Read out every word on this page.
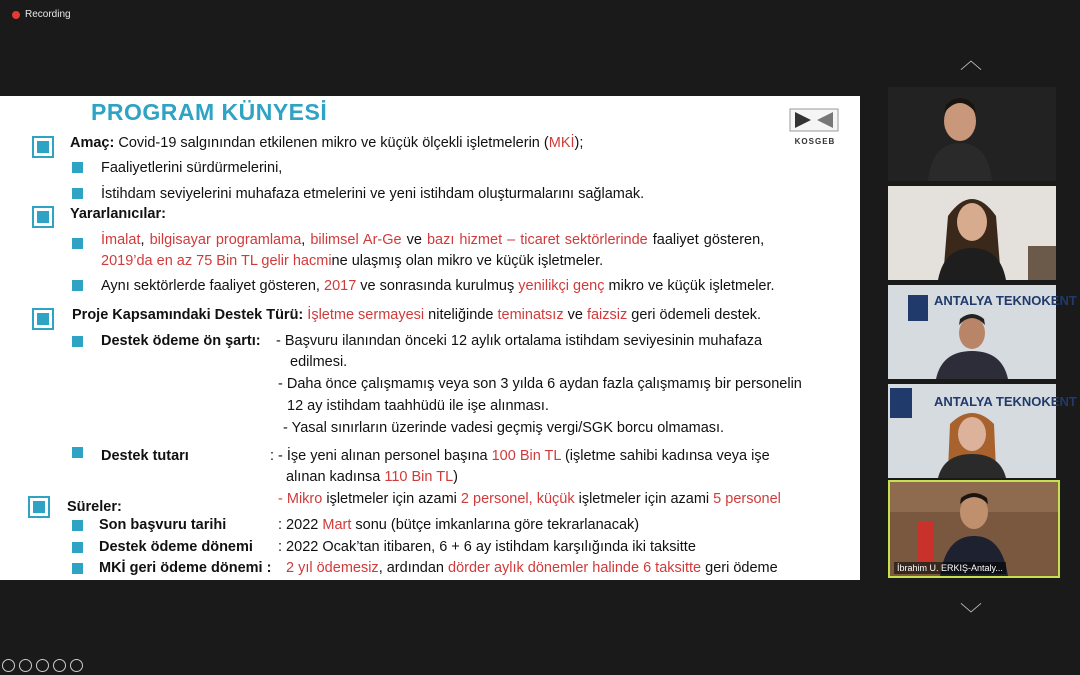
Recording
PROGRAM KÜNYESİ
KOSGEB
Amaç: Covid-19 salgınından etkilenen mikro ve küçük ölçekli işletmelerin (MKİ);
Faaliyetlerini sürdürmelerini,
İstihdam seviyelerini muhafaza etmelerini ve yeni istihdam oluşturmalarını sağlamak.
Yararlanıcılar:
İmalat, bilgisayar programlama, bilimsel Ar-Ge ve bazı hizmet – ticaret sektörlerinde faaliyet gösteren,
2019’da en az 75 Bin TL gelir hacmine ulaşmış olan mikro ve küçük işletmeler.
Aynı sektörlerde faaliyet gösteren, 2017 ve sonrasında kurulmuş yenilikçi genç mikro ve küçük işletmeler.
Proje Kapsamındaki Destek Türü: İşletme sermayesi niteliğinde teminatsız ve faizsiz geri ödemeli destek.
Destek ödeme ön şartı: - Başvuru ilanından önceki 12 aylık ortalama istihdam seviyesinin muhafaza
edilmesi.
- Daha önce çalışmamış veya son 3 yılda 6 aydan fazla çalışmamış bir personelin
12 ay istihdam taahhüdü ile işe alınması.
- Yasal sınırların üzerinde vadesi geçmiş vergi/SGK borcu olmaması.
Destek tutarı	: - İşe yeni alınan personel başına 100 Bin TL (işletme sahibi kadınsa veya işe
alınan kadınsa 110 Bin TL)
- Mikro işletmeler için azami 2 personel, küçük işletmeler için azami 5 personel
Süreler:
Son başvuru tarihi	: 2022 Mart sonu (bütçe imkanlarına göre tekrarlanacak)
Destek ödeme dönemi : 2022 Ocak’tan itibaren, 6 + 6 ay istihdam karşılığında iki taksitte
MKİ geri ödeme dönemi : 2 yıl ödemesiz, ardından dörder aylık dönemler halinde 6 taksitte geri ödeme
︿
ANTALYA TEKNOKENT
ANTALYA TEKNOKENT
İbrahim U. ERKIŞ-Antaly...
﹀
